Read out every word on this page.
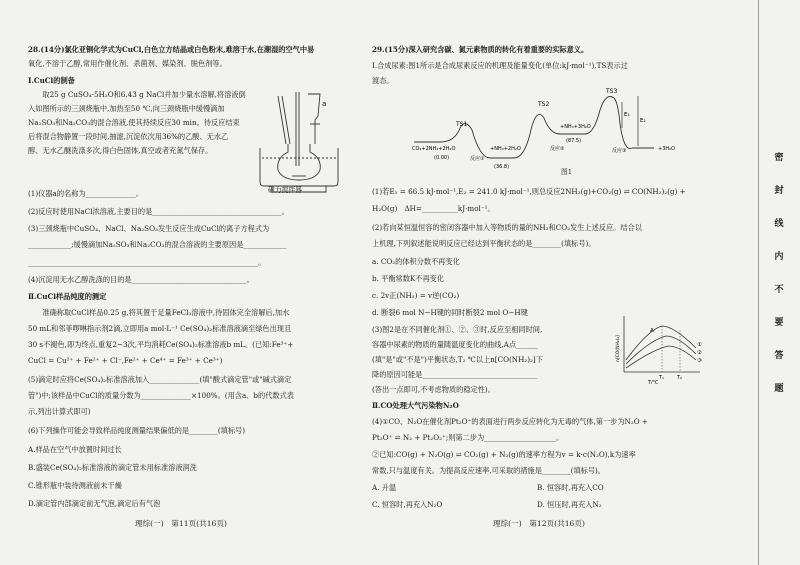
28.(14分)氯化亚铜化学式为CuCl,白色立方结晶或白色粉末,难溶于水,在潮湿的空气中易
氧化,不溶于乙醇,常用作催化剂、杀菌剂、媒染剂、脱色剂等。
Ⅰ.CuCl的制备
　　取25 g CuSO₄·5H₂O和6.43 g NaCl并加少量水溶解,将溶液倒
入如图所示的三颈烧瓶中,加热至50 ℃,向三颈烧瓶中缓慢滴加
Na₂SO₃和Na₂CO₃的混合溶液,使其持续反应30 min。待反应结束
后将混合物静置一段时间,抽滤,沉淀依次用36%的乙酸、无水乙
醇、无水乙醚洗涤多次,得白色固体,真空或者充氮气保存。
(1)仪器a的名称为______________。
(2)反应时使用NaCl浓溶液,主要目的是____________________________________。
(3)三颈烧瓶中CuSO₄、NaCl、Na₂SO₃发生反应生成CuCl的离子方程式为
____________;缓慢滴加Na₂SO₃和Na₂CO₃的混合溶液的主要原因是____________
________________________________________________________________。
(4)沉淀用无水乙醇洗涤的目的是________________________________。
Ⅱ.CuCl样品纯度的测定
　　准确称取CuCl样品0.25 g,将其置于足量FeCl₃溶液中,待固体完全溶解后,加水
50 mL和邻菲啰啉指示剂2滴,立即用a mol·L⁻¹ Ce(SO₄)₂标准溶液滴至绿色出现且
30 s不褪色,即为终点,重复2~3次,平均消耗Ce(SO₄)₂标准溶液b mL。(已知:Fe³⁺+
CuCl = Cu²⁺ + Fe²⁺ + Cl⁻,Fe²⁺ + Ce⁴⁺ = Fe³⁺ + Ce³⁺)
(5)滴定时应将Ce(SO₄)₂标准溶液加入______________(填"酸式滴定管"或"碱式滴定
管")中;该样品中CuCl的质量分数为______________×100%。(用含a、b的代数式表
示,列出计算式即可)
(6)下列操作可能会导致样品纯度测量结果偏低的是________(填标号)
A.样品在空气中放置时间过长
B.盛装Ce(SO₄)₂标准溶液的滴定管未用标准溶液润洗
C.锥形瓶中装待测液前未干燥
D.滴定管内部滴定前无气泡,滴定后有气泡
a
磁力搅拌器
理综(一)　第11页(共16页)
29.(15分)深入研究含碳、氮元素物质的转化有着重要的实际意义。
Ⅰ.合成尿素:图1所示是合成尿素反应的机理及能量变化(单位:kJ·mol⁻¹),TS表示过
渡态。
(1)若E₁ = 66.5 kJ·mol⁻¹,E₂ = 241.0 kJ·mol⁻¹,则总反应2NH₃(g)+CO₂(g) ⇌ CO(NH₂)₂(g) +
H₂O(g)　ΔH=__________kJ·mol⁻¹。
(2)若向某恒温恒容的密闭容器中加入等物质的量的NH₃和CO₂发生上述反应。结合以
上机理,下列叙述能说明反应已经达到平衡状态的是________(填标号)。
a. CO₂的体积分数不再变化
b. 平衡常数K不再变化
c. 2v正(NH₃) = v逆(CO₂)
d. 断裂6 mol N−H键的同时断裂2 mol O−H键
(3)图2是在不同催化剂①、②、③时,反应至相同时间,
容器中尿素的物质的量随温度变化的曲线,A点______
(填"是"或"不是")平衡状态,T₂ ℃以上n[CO(NH₂)₂]下
降的原因可能是________________________________
(答出一点即可,不考虑物质的稳定性)。
Ⅱ.CO处理大气污染物N₂O
(4)①CO、N₂O在催化剂Pt₂O⁺的表面进行两步反应转化为无毒的气体,第一步为N₂O +
Pt₂O⁺ ⇌ N₂ + Pt₂O₂⁺;则第二步为____________________。
②已知:CO(g) + N₂O(g) ⇌ CO₂(g) + N₂(g)的速率方程为v = k·c(N₂O),k为速率
常数,只与温度有关。为提高反应速率,可采取的措施是________(填标号)。
A. 升温
C. 恒容时,再充入N₂O
B. 恒容时,再充入CO
D. 恒压时,再充入N₂
TS1
TS2
TS3
CO₂+2NH₃+2H₂O
(0.00)	反应①
+NH₃+2H₂O
(36.8)
反应②
+NH₃+3H₂O
(87.5)
反应③	+3H₂O
E₁
E₂
图1
A
①
②
③
T₁	T₂
T/℃
n[CO(NH₂)₂]
理综(一)　第12页(共16页)
密
封
线
内
不
要
答
题
